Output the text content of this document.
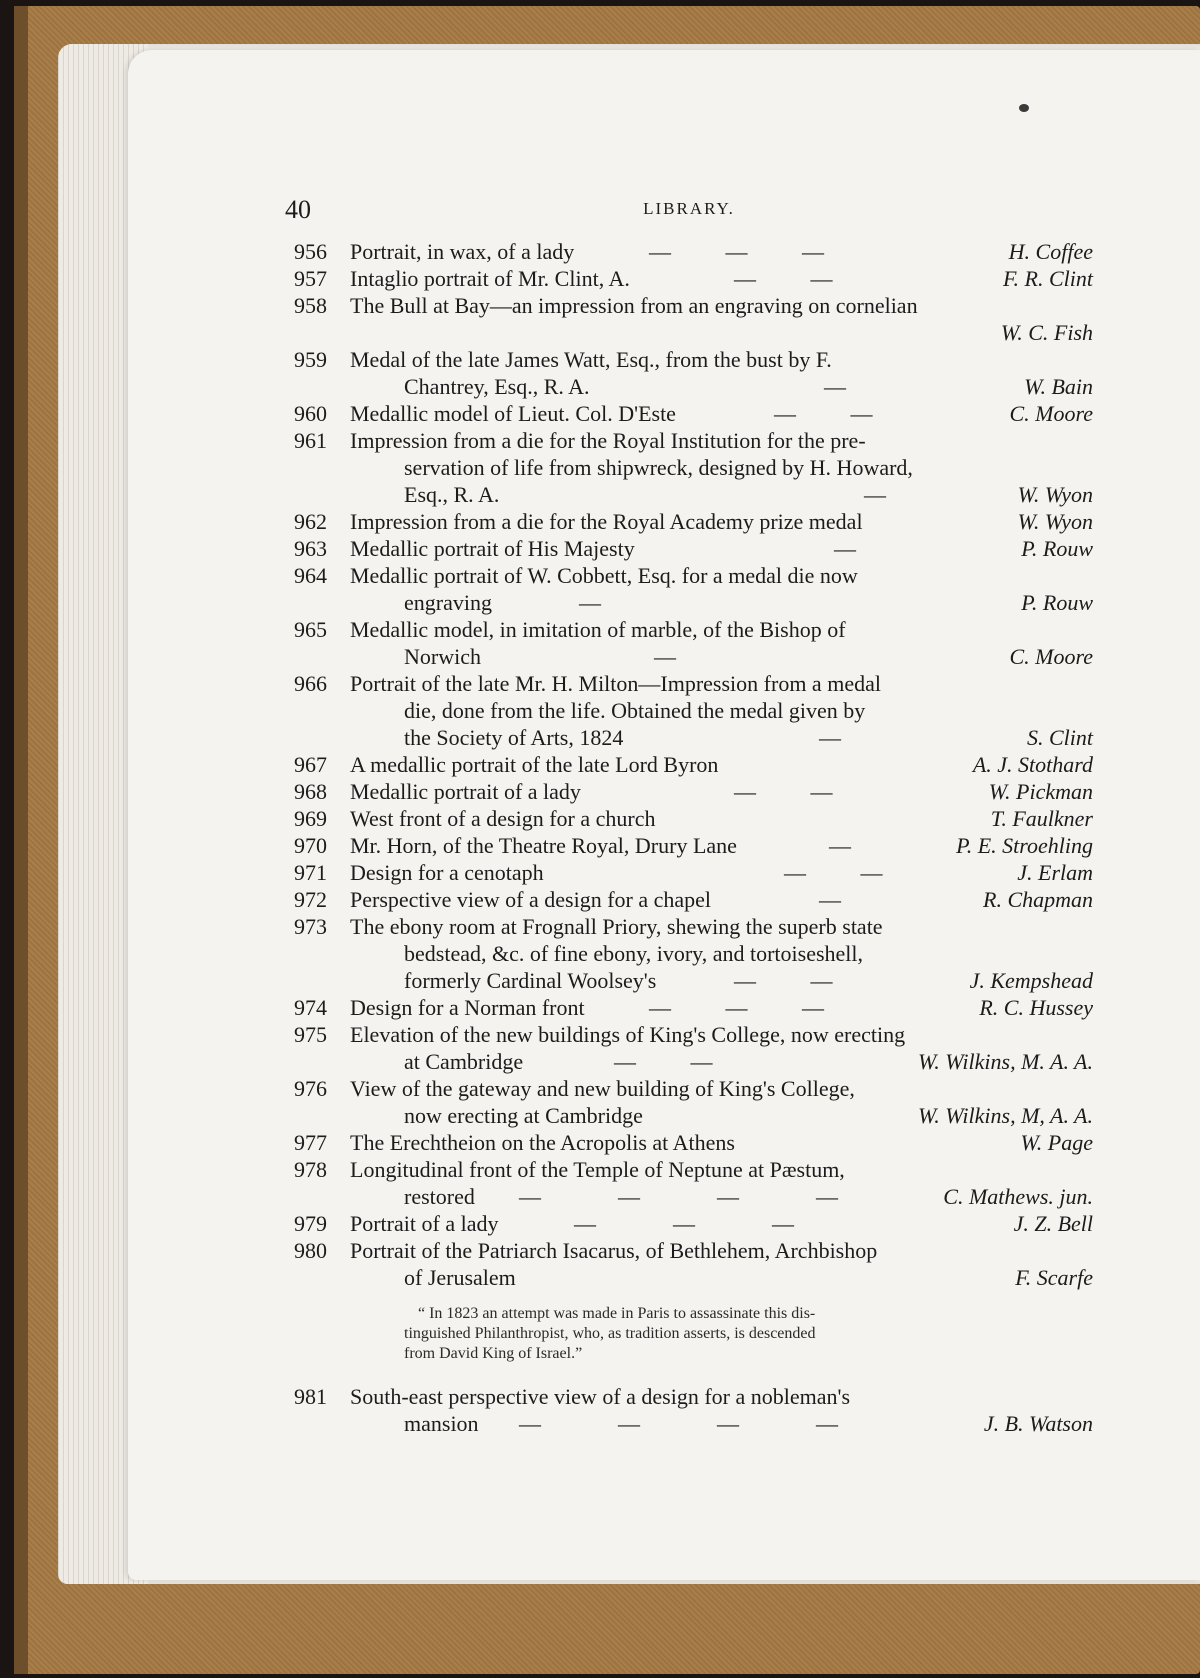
40	LIBRARY.
956 Portrait, in wax, of a lady	—       —       —	H. Coffee
957 Intaglio portrait of Mr. Clint, A.	—       —	F. R. Clint
958 The Bull at Bay—an impression from an engraving on cornelian
W. C. Fish
959 Medal of the late James Watt, Esq., from the bust by F.
Chantrey, Esq., R. A.	—	W. Bain
960 Medallic model of Lieut. Col. D'Este	—       —	C. Moore
961 Impression from a die for the Royal Institution for the pre-
servation of life from shipwreck, designed by H. Howard,
Esq., R. A.	—	W. Wyon
962 Impression from a die for the Royal Academy prize medal	W. Wyon
963 Medallic portrait of His Majesty	—	P. Rouw
964 Medallic portrait of W. Cobbett, Esq. for a medal die now
engraving	—	P. Rouw
965 Medallic model, in imitation of marble, of the Bishop of
Norwich	—	C. Moore
966 Portrait of the late Mr. H. Milton—Impression from a medal
die, done from the life. Obtained the medal given by
the Society of Arts, 1824	—	S. Clint
967 A medallic portrait of the late Lord Byron	A. J. Stothard
968 Medallic portrait of a lady	—       —	W. Pickman
969 West front of a design for a church	T. Faulkner
970 Mr. Horn, of the Theatre Royal, Drury Lane	—	P. E. Stroehling
971 Design for a cenotaph	—       —	J. Erlam
972 Perspective view of a design for a chapel	—	R. Chapman
973 The ebony room at Frognall Priory, shewing the superb state
bedstead, &c. of fine ebony, ivory, and tortoiseshell,
formerly Cardinal Woolsey's	—       —	J. Kempshead
974 Design for a Norman front	—       —       —	R. C. Hussey
975 Elevation of the new buildings of King's College, now erecting
at Cambridge	—       —	W. Wilkins, M. A. A.
976 View of the gateway and new building of King's College,
now erecting at Cambridge	W. Wilkins, M, A. A.
977 The Erechtheion on the Acropolis at Athens	W. Page
978 Longitudinal front of the Temple of Neptune at Pæstum,
restored —          —          —          —	C. Mathews. jun.
979 Portrait of a lady	—          —          —	J. Z. Bell
980 Portrait of the Patriarch Isacarus, of Bethlehem, Archbishop
of Jerusalem	F. Scarfe
“ In 1823 an attempt was made in Paris to assassinate this dis-
tinguished Philanthropist, who, as tradition asserts, is descended
from David King of Israel.”
981 South-east perspective view of a design for a nobleman's
mansion —          —          —          —	J. B. Watson
